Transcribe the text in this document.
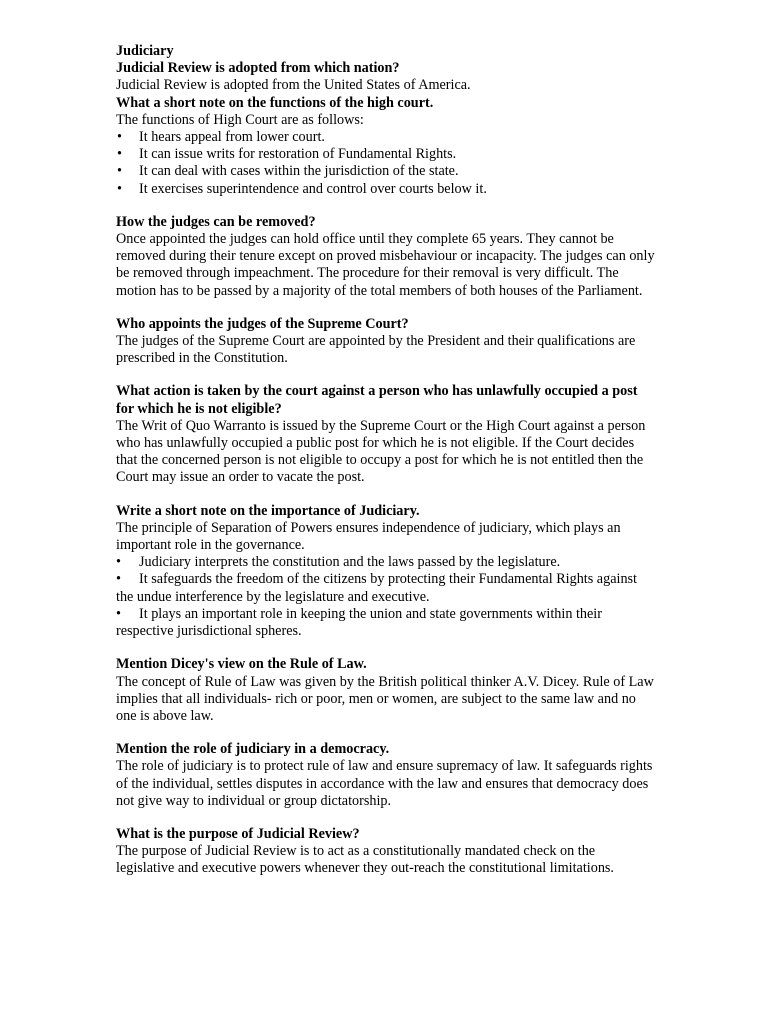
Judiciary

Judicial Review is adopted from which nation?

Judicial Review is adopted from the United States of America.

What a short note on the functions of the high court.

The functions of High Court are as follows:

• It hears appeal from lower court.
• It can issue writs for restoration of Fundamental Rights.
• It can deal with cases within the jurisdiction of the state.
• It exercises superintendence and control over courts below it.

How the judges can be removed?

Once appointed the judges can hold office until they complete 65 years. They cannot be removed during their tenure except on proved misbehaviour or incapacity. The judges can only be removed through impeachment. The procedure for their removal is very difficult. The motion has to be passed by a majority of the total members of both houses of the Parliament.

Who appoints the judges of the Supreme Court?

The judges of the Supreme Court are appointed by the President and their qualifications are prescribed in the Constitution.

What action is taken by the court against a person who has unlawfully occupied a post for which he is not eligible?

The Writ of Quo Warranto is issued by the Supreme Court or the High Court against a person who has unlawfully occupied a public post for which he is not eligible. If the Court decides that the concerned person is not eligible to occupy a post for which he is not entitled then the Court may issue an order to vacate the post.

Write a short note on the importance of Judiciary.

The principle of Separation of Powers ensures independence of judiciary, which plays an important role in the governance.

• Judiciary interprets the constitution and the laws passed by the legislature.

• It safeguards the freedom of the citizens by protecting their Fundamental Rights against the undue interference by the legislature and executive.

• It plays an important role in keeping the union and state governments within their respective jurisdictional spheres.

Mention Dicey's view on the Rule of Law.

The concept of Rule of Law was given by the British political thinker A.V. Dicey. Rule of Law implies that all individuals- rich or poor, men or women, are subject to the same law and no one is above law.

Mention the role of judiciary in a democracy.

The role of judiciary is to protect rule of law and ensure supremacy of law. It safeguards rights of the individual, settles disputes in accordance with the law and ensures that democracy does not give way to individual or group dictatorship.

What is the purpose of Judicial Review?

The purpose of Judicial Review is to act as a constitutionally mandated check on the legislative and executive powers whenever they out-reach the constitutional limitations.
